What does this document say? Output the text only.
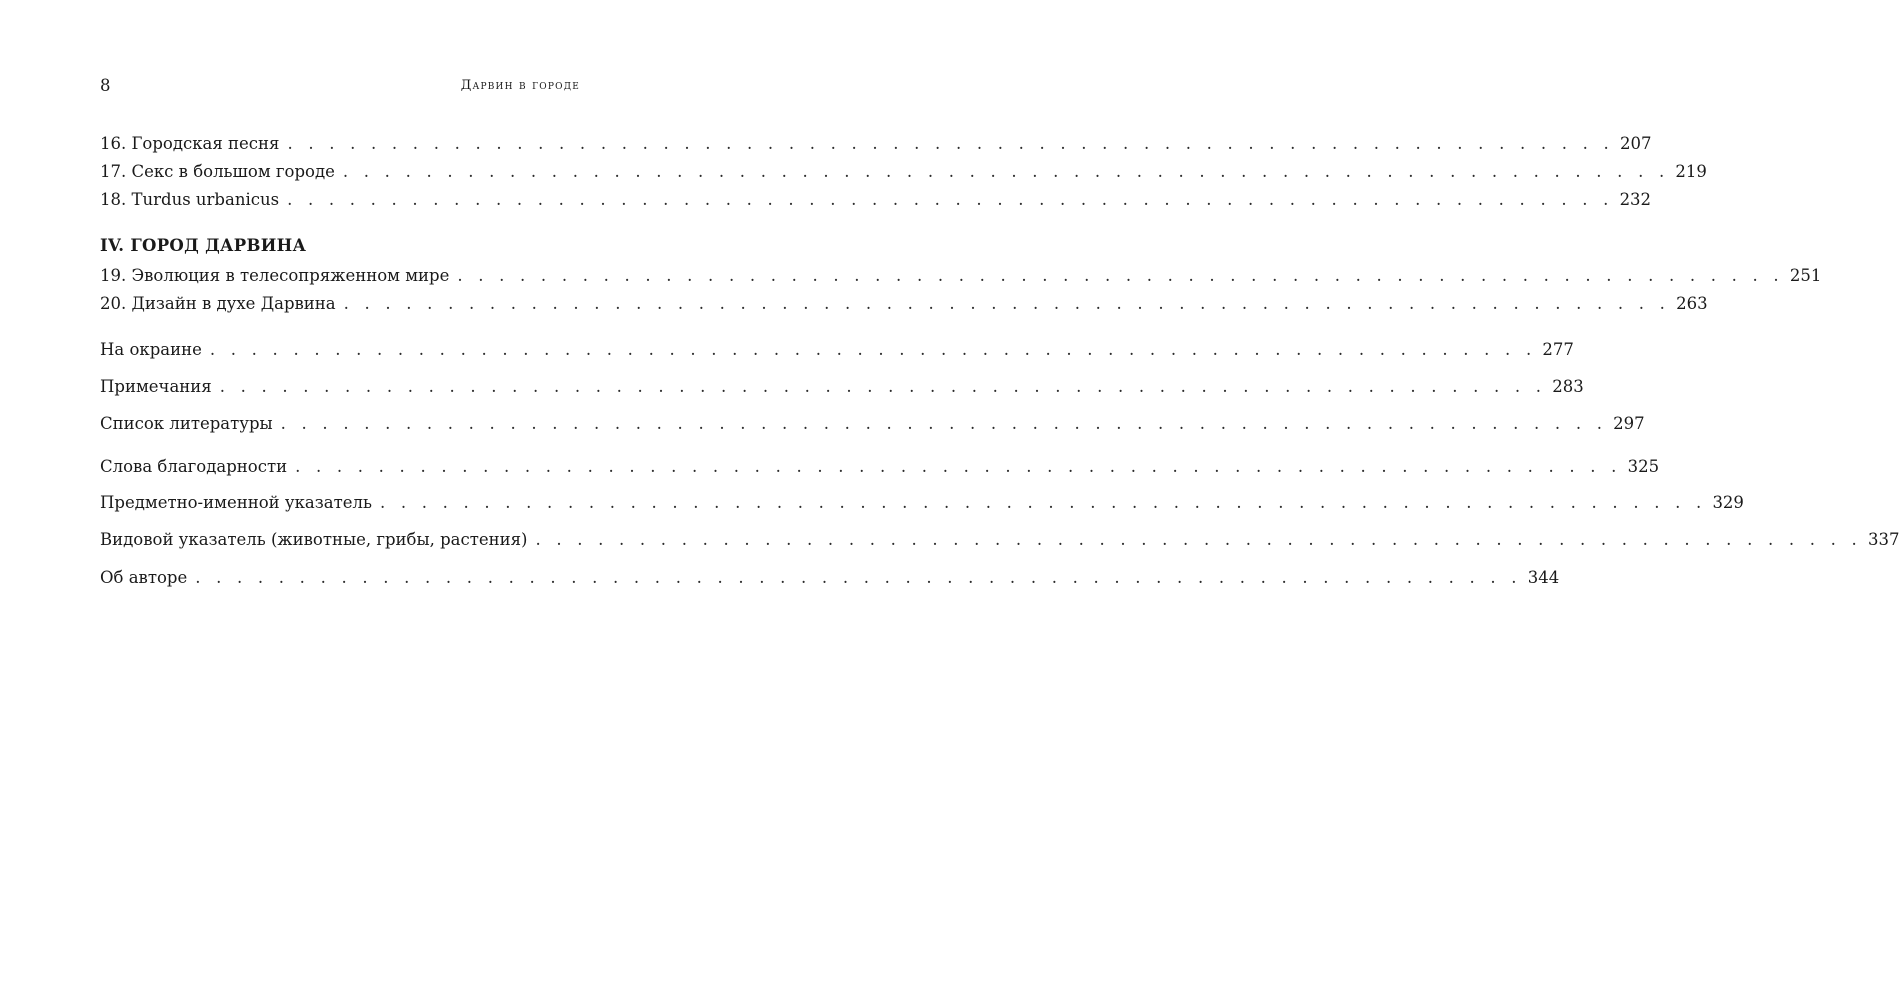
8	Дарвин в городе
16. Городская песня . . . . . . . . . . . . . . . . . . . . . . . . . . . . . . . . . . . . . . . . . . . . . . . . . . . . . . . . . . . . . . . . 207
17. Секс в большом городе . . . . . . . . . . . . . . . . . . . . . . . . . . . . . . . . . . . . . . . . . . . . . . . . . . . . . . . . . . . . . . . . 219
18. Turdus urbanicus . . . . . . . . . . . . . . . . . . . . . . . . . . . . . . . . . . . . . . . . . . . . . . . . . . . . . . . . . . . . . . . . 232
IV. ГОРОД ДАРВИНА
19. Эволюция в телесопряженном мире . . . . . . . . . . . . . . . . . . . . . . . . . . . . . . . . . . . . . . . . . . . . . . . . . . . . . . . . . . . . . . . . 251
20. Дизайн в духе Дарвина . . . . . . . . . . . . . . . . . . . . . . . . . . . . . . . . . . . . . . . . . . . . . . . . . . . . . . . . . . . . . . . . 263
На окраине . . . . . . . . . . . . . . . . . . . . . . . . . . . . . . . . . . . . . . . . . . . . . . . . . . . . . . . . . . . . . . . . 277
Примечания . . . . . . . . . . . . . . . . . . . . . . . . . . . . . . . . . . . . . . . . . . . . . . . . . . . . . . . . . . . . . . . . 283
Список литературы . . . . . . . . . . . . . . . . . . . . . . . . . . . . . . . . . . . . . . . . . . . . . . . . . . . . . . . . . . . . . . . . 297
Слова благодарности . . . . . . . . . . . . . . . . . . . . . . . . . . . . . . . . . . . . . . . . . . . . . . . . . . . . . . . . . . . . . . . . 325
Предметно-именной указатель . . . . . . . . . . . . . . . . . . . . . . . . . . . . . . . . . . . . . . . . . . . . . . . . . . . . . . . . . . . . . . . . 329
Видовой указатель (животные, грибы, растения) . . . . . . . . . . . . . . . . . . . . . . . . . . . . . . . . . . . . . . . . . . . . . . . . . . . . . . . . . . . . . . . . 337
Об авторе . . . . . . . . . . . . . . . . . . . . . . . . . . . . . . . . . . . . . . . . . . . . . . . . . . . . . . . . . . . . . . . . 344
